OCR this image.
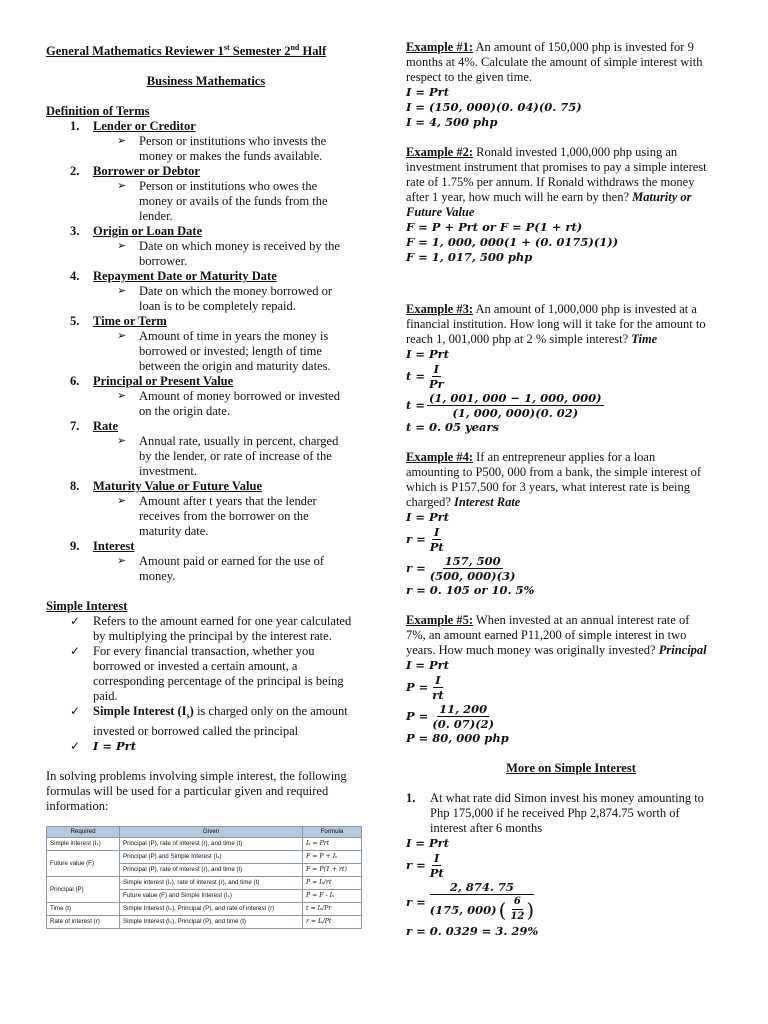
General Mathematics Reviewer 1st Semester 2nd Half

Business Mathematics

Definition of Terms

1. Lender or Creditor

➢ Person or institutions who invests the

money or makes the funds available.

2. Borrower or Debtor

➢ Person or institutions who owes the

money or avails of the funds from the

lender.

3. Origin or Loan Date

➢ Date on which money is received by the

borrower.

4. Repayment Date or Maturity Date

➢ Date on which the money borrowed or

loan is to be completely repaid.

5. Time or Term

➢ Amount of time in years the money is

borrowed or invested; length of time

between the origin and maturity dates.

6. Principal or Present Value

➢ Amount of money borrowed or invested

on the origin date.

7. Rate

➢ Annual rate, usually in percent, charged

by the lender, or rate of increase of the

investment.

8. Maturity Value or Future Value

➢ Amount after t years that the lender

receives from the borrower on the

maturity date.

9. Interest

➢ Amount paid or earned for the use of

money.

Simple Interest

✓ Refers to the amount earned for one year calculated

by multiplying the principal by the interest rate.

✓ For every financial transaction, whether you

borrowed or invested a certain amount, a

corresponding percentage of the principal is being

paid.

✓ Simple Interest $(I_s)$ is charged only on the amount

invested or borrowed called the principal

✓ I = Prt

In solving problems involving simple interest, the following

formulas will be used for a particular given and required

information:

Required	Given	Formula
Simple interest (Iₛ)	Principal (P), rate of interest (r), and time (t)	Iₛ = Prt
Future value (F)	Principal (P) and Simple Interest (Iₛ)	F = P + Iₛ
	Principal (P), rate of interest (r), and time (t)	F = P(1 + rt)
Principal (P)	Simple interest (Iₛ), rate of interest (r), and time (t)	P = Iₛ/rt
	Future value (F) and Simple Interest (Iₛ)	P = F - Iₛ
Time (t)	Simple Interest (Iₛ), Principal (P), and rate of interest (r)	t = Iₛ/Pr
Rate of interest (r)	Simple Interest (Iₛ), Principal (P), and time (t)	r = Iₛ/Pt

Example #1: An amount of 150,000 php is invested for 9

months at 4%. Calculate the amount of simple interest with

respect to the given time.

I = Prt

I = (150, 000)(0. 04)(0. 75)

I = 4, 500 php

Example #2: Ronald invested 1,000,000 php using an

investment instrument that promises to pay a simple interest

rate of 1.75% per annum. If Ronald withdraws the money

after 1 year, how much will he earn by then? Maturity or

Future Value

F = P + Prt or F = P(1 + rt)

F = 1, 000, 000(1 + (0. 0175)(1))

F = 1, 017, 500 php

Example #3: An amount of 1,000,000 php is invested at a

financial institution. How long will it take for the amount to

reach 1, 001,000 php at 2 % simple interest? Time

I = Prt

$t = \frac{I}{Pr}$
$t = \frac{(1, 001, 000 - 1, 000, 000)}{(1, 000, 000)(0. 02)}$

t = 0. 05 years

Example #4: If an entrepreneur applies for a loan

amounting to P500, 000 from a bank, the simple interest of

which is P157,500 for 3 years, what interest rate is being

charged? Interest Rate

I = Prt

$r = \frac{I}{Pt}$
$r = \frac{157, 500}{(500, 000)(3)}$

r = 0. 105 or 10. 5%

Example #5: When invested at an annual interest rate of

7%, an amount earned P11,200 of simple interest in two

years. How much money was originally invested? Principal

I = Prt

$P = \frac{I}{rt}$
$P = \frac{11, 200}{(0. 07)(2)}$

P = 80, 000 php

More on Simple Interest

1. At what rate did Simon invest his money amounting to

Php 175,000 if he received Php 2,874.75 worth of

interest after 6 months

I = Prt

$r = \frac{I}{Pt}$
$r = \frac{2, 874. 75}{(175, 000) ( \frac{6}{12} )}$

r = 0. 0329 = 3. 29%
